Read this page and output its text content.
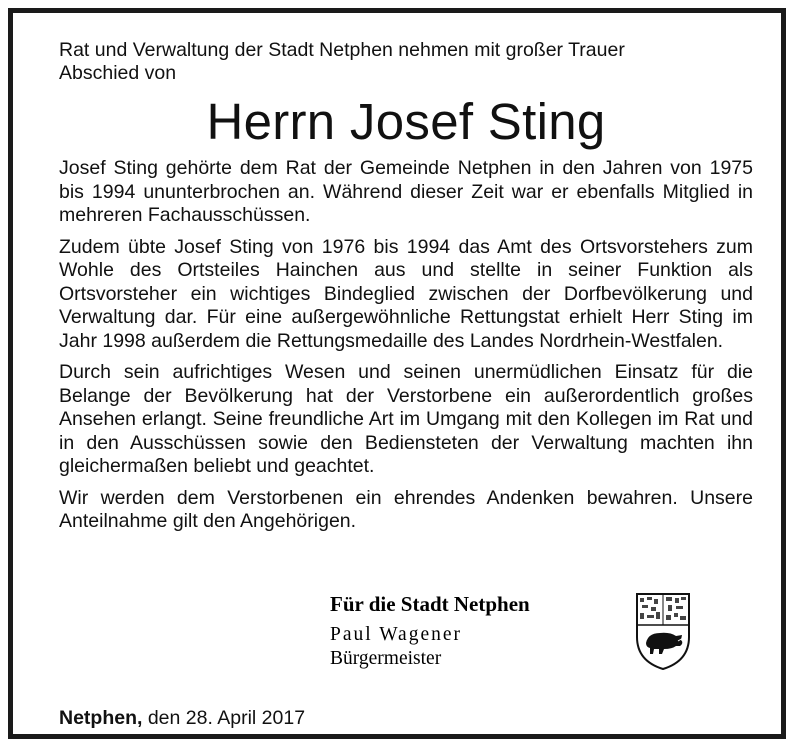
Rat und Verwaltung der Stadt Netphen nehmen mit großer Trauer

Abschied von

Herrn Josef Sting

Josef Sting gehörte dem Rat der Gemeinde Netphen in den Jahren von 1975 bis 1994 ununterbrochen an. Während dieser Zeit war er ebenfalls Mitglied in mehreren Fachausschüssen.

Zudem übte Josef Sting von 1976 bis 1994 das Amt des Ortsvorstehers zum Wohle des Ortsteiles Hainchen aus und stellte in seiner Funktion als Ortsvorsteher ein wichtiges Bindeglied zwischen der Dorfbevölkerung und Verwaltung dar. Für eine außergewöhnliche Rettungstat erhielt Herr Sting im Jahr 1998 außerdem die Rettungsmedaille des Landes Nordrhein-Westfalen.

Durch sein aufrichtiges Wesen und seinen unermüdlichen Einsatz für die Belange der Bevölkerung hat der Verstorbene ein außerordentlich großes Ansehen erlangt. Seine freundliche Art im Umgang mit den Kollegen im Rat und in den Ausschüssen sowie den Bediensteten der Verwaltung machten ihn gleichermaßen beliebt und geachtet.

Wir werden dem Verstorbenen ein ehrendes Andenken bewahren. Unsere Anteilnahme gilt den Angehörigen.

Für die Stadt Netphen

Paul Wagener

Bürgermeister

Netphen, den 28. April 2017
